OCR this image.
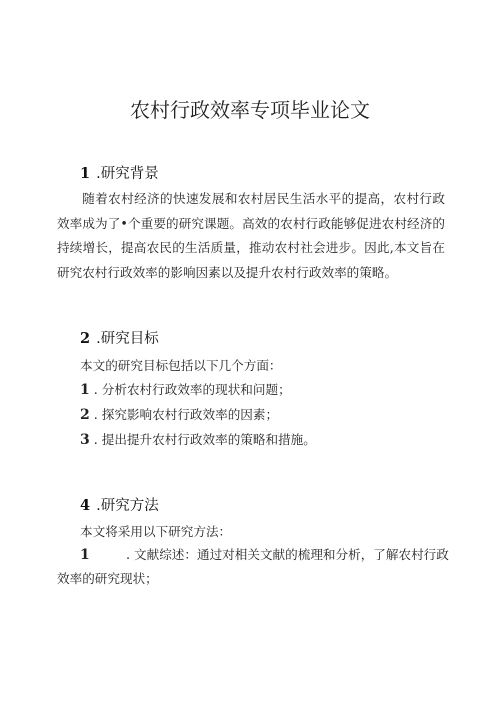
农村行政效率专项毕业论文
1 .研究背景

随着农村经济的快速发展和农村居民生活水平的提高，农村行政效率成为了•个重要的研究课题。高效的农村行政能够促进农村经济的持续增长，提高农民的生活质量，推动农村社会进步。因此,本文旨在研究农村行政效率的影响因素以及提升农村行政效率的策略。

2 .研究目标
本文的研究目标包括以下几个方面：
1 . 分析农村行政效率的现状和问题；
2 . 探究影响农村行政效率的因素；
3 . 提出提升农村行政效率的策略和措施。
4 .研究方法
本文将采用以下研究方法：

1	. 文献综述：通过对相关文献的梳理和分析，了解农村行政效率的研究现状；
